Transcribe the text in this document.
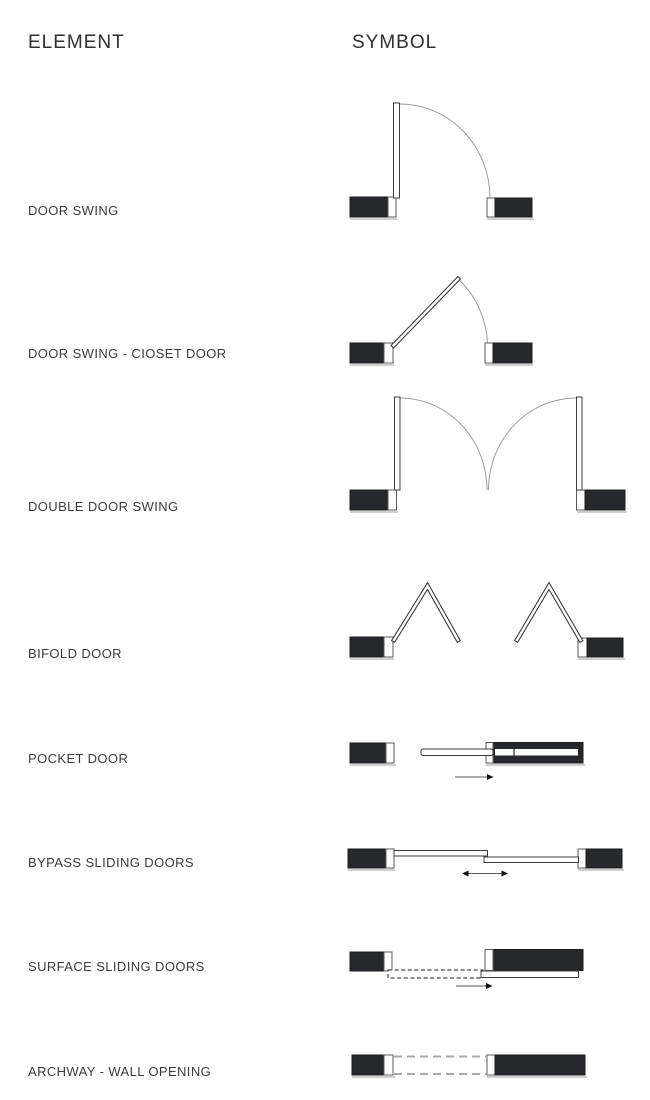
ELEMENT	SYMBOL
DOOR SWING
DOOR SWING - CIOSET DOOR
DOUBLE DOOR SWING
BIFOLD DOOR
POCKET DOOR
BYPASS SLIDING DOORS
SURFACE SLIDING DOORS
ARCHWAY - WALL OPENING
